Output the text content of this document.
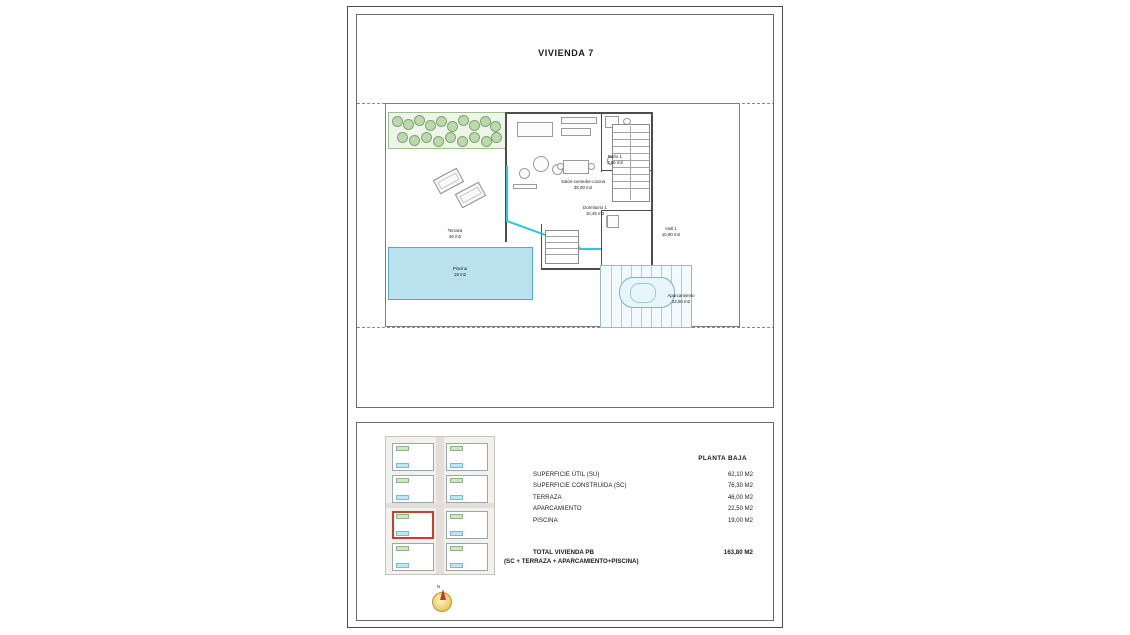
VIVIENDA 7
Terraza
46 m2
Piscina
19 m2
Salón-comedor-cocina
35,00 m2
Baño 1
3,66 m2
Dormitorio 1
10,45 m2
Hall 1
10,80 m2
Aparcamiento
22,50 m2
N
PLANTA BAJA
SUPERFICIE ÚTIL (SU)	62,10 M2
SUPERFICIE CONSTRUIDA (SC)	76,30 M2
TERRAZA	46,00 M2
APARCAMIENTO	22,50 M2
PISCINA	19,00 M2
TOTAL VIVIENDA PB	163,80 M2
(SC + TERRAZA + APARCAMIENTO+PISCINA)
